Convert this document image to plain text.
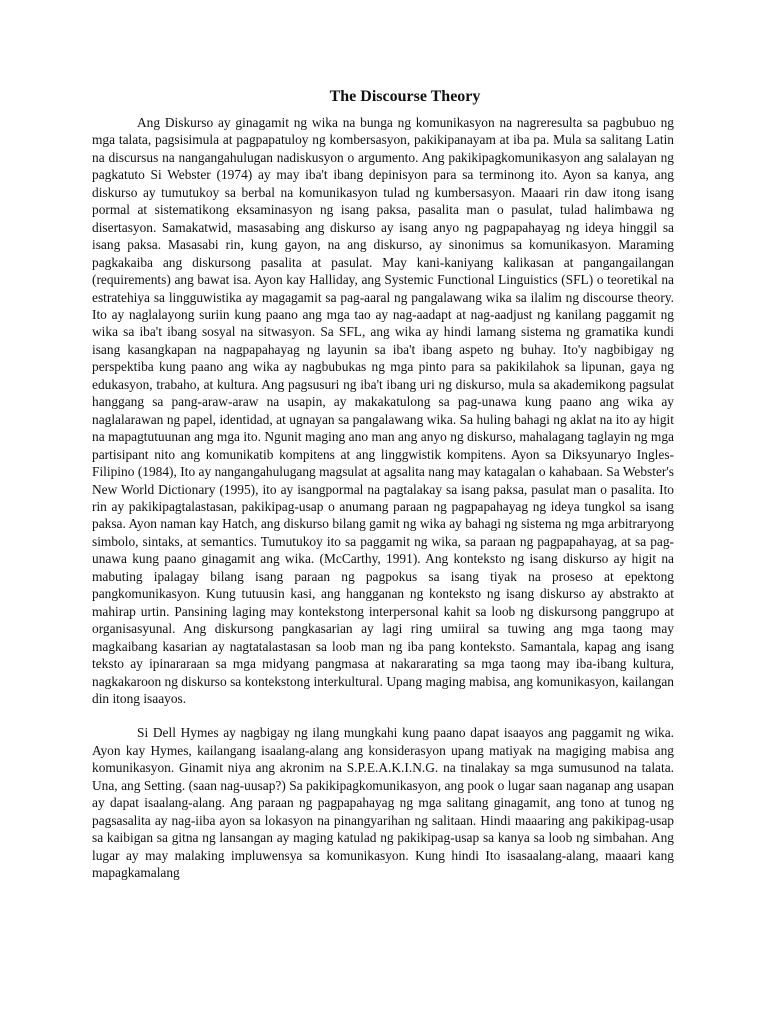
The Discourse Theory

Ang Diskurso ay ginagamit ng wika na bunga ng komunikasyon na nagreresulta sa pagbubuo ng mga talata, pagsisimula at pagpapatuloy ng kombersasyon, pakikipanayam at iba pa. Mula sa salitang Latin na discursus na nangangahulugan nadiskusyon o argumento. Ang pakikipagkomunikasyon ang salalayan ng pagkatuto Si Webster (1974) ay may iba't ibang depinisyon para sa terminong ito. Ayon sa kanya, ang diskurso ay tumutukoy sa berbal na komunikasyon tulad ng kumbersasyon. Maaari rin daw itong isang pormal at sistematikong eksaminasyon ng isang paksa, pasalita man o pasulat, tulad halimbawa ng disertasyon. Samakatwid, masasabing ang diskurso ay isang anyo ng pagpapahayag ng ideya hinggil sa isang paksa. Masasabi rin, kung gayon, na ang diskurso, ay sinonimus sa komunikasyon. Maraming pagkakaiba ang diskursong pasalita at pasulat. May kani-kaniyang kalikasan at pangangailangan (requirements) ang bawat isa. Ayon kay Halliday, ang Systemic Functional Linguistics (SFL) o teoretikal na estratehiya sa lingguwistika ay magagamit sa pag-aaral ng pangalawang wika sa ilalim ng discourse theory. Ito ay naglalayong suriin kung paano ang mga tao ay nag-aadapt at nag-aadjust ng kanilang paggamit ng wika sa iba't ibang sosyal na sitwasyon. Sa SFL, ang wika ay hindi lamang sistema ng gramatika kundi isang kasangkapan na nagpapahayag ng layunin sa iba't ibang aspeto ng buhay. Ito'y nagbibigay ng perspektiba kung paano ang wika ay nagbubukas ng mga pinto para sa pakikilahok sa lipunan, gaya ng edukasyon, trabaho, at kultura. Ang pagsusuri ng iba't ibang uri ng diskurso, mula sa akademikong pagsulat hanggang sa pang-araw-araw na usapin, ay makakatulong sa pag-unawa kung paano ang wika ay naglalarawan ng papel, identidad, at ugnayan sa pangalawang wika. Sa huling bahagi ng aklat na ito ay higit na mapagtutuunan ang mga ito. Ngunit maging ano man ang anyo ng diskurso, mahalagang taglayin ng mga partisipant nito ang komunikatib kompitens at ang linggwistik kompitens. Ayon sa Diksyunaryo Ingles-Filipino (1984), Ito ay nangangahulugang magsulat at agsalita nang may katagalan o kahabaan. Sa Webster's New World Dictionary (1995), ito ay isangpormal na pagtalakay sa isang paksa, pasulat man o pasalita. Ito rin ay pakikipagtalastasan, pakikipag-usap o anumang paraan ng pagpapahayag ng ideya tungkol sa isang paksa. Ayon naman kay Hatch, ang diskurso bilang gamit ng wika ay bahagi ng sistema ng mga arbitraryong simbolo, sintaks, at semantics. Tumutukoy ito sa paggamit ng wika, sa paraan ng pagpapahayag, at sa pag- unawa kung paano ginagamit ang wika. (McCarthy, 1991). Ang konteksto ng isang diskurso ay higit na mabuting ipalagay bilang isang paraan ng pagpokus sa isang tiyak na proseso at epektong pangkomunikasyon. Kung tutuusin kasi, ang hangganan ng konteksto ng isang diskurso ay abstrakto at mahirap urtin. Pansining laging may kontekstong interpersonal kahit sa loob ng diskursong panggrupo at organisasyunal. Ang diskursong pangkasarian ay lagi ring umiiral sa tuwing ang mga taong may magkaibang kasarian ay nagtatalastasan sa loob man ng iba pang konteksto. Samantala, kapag ang isang teksto ay ipinararaan sa mga midyang pangmasa at nakararating sa mga taong may iba-ibang kultura, nagkakaroon ng diskurso sa kontekstong interkultural. Upang maging mabisa, ang komunikasyon, kailangan din itong isaayos.

Si Dell Hymes ay nagbigay ng ilang mungkahi kung paano dapat isaayos ang paggamit ng wika. Ayon kay Hymes, kailangang isaalang-alang ang konsiderasyon upang matiyak na magiging mabisa ang komunikasyon. Ginamit niya ang akronim na S.P.E.A.K.I.N.G. na tinalakay sa mga sumusunod na talata. Una, ang Setting. (saan nag-uusap?) Sa pakikipagkomunikasyon, ang pook o lugar saan naganap ang usapan ay dapat isaalang-alang. Ang paraan ng pagpapahayag ng mga salitang ginagamit, ang tono at tunog ng pagsasalita ay nag-iiba ayon sa lokasyon na pinangyarihan ng salitaan. Hindi maaaring ang pakikipag-usap sa kaibigan sa gitna ng lansangan ay maging katulad ng pakikipag-usap sa kanya sa loob ng simbahan. Ang lugar ay may malaking impluwensya sa komunikasyon. Kung hindi Ito isasaalang-alang, maaari kang mapagkamalang
